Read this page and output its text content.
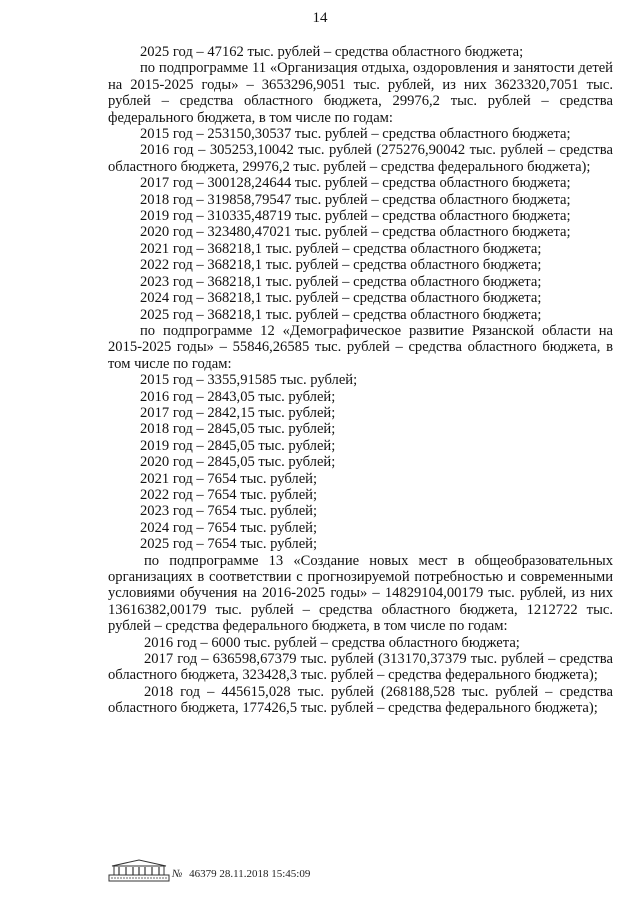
14

2025 год – 47162 тыс. рублей – средства областного бюджета;

по подпрограмме 11 «Организация отдыха, оздоровления и занятости детей на 2015-2025 годы» – 3653296,9051 тыс. рублей, из них 3623320,7051 тыс. рублей – средства областного бюджета, 29976,2 тыс. рублей – средства федерального бюджета, в том числе по годам:

2015 год – 253150,30537 тыс. рублей – средства областного бюджета;

2016 год – 305253,10042 тыс. рублей (275276,90042 тыс. рублей – средства областного бюджета, 29976,2 тыс. рублей – средства федерального бюджета);

2017 год – 300128,24644 тыс. рублей – средства областного бюджета;

2018 год – 319858,79547 тыс. рублей – средства областного бюджета;

2019 год – 310335,48719 тыс. рублей – средства областного бюджета;

2020 год – 323480,47021 тыс. рублей – средства областного бюджета;

2021 год – 368218,1 тыс. рублей – средства областного бюджета;

2022 год – 368218,1 тыс. рублей – средства областного бюджета;

2023 год – 368218,1 тыс. рублей – средства областного бюджета;

2024 год – 368218,1 тыс. рублей – средства областного бюджета;

2025 год – 368218,1 тыс. рублей – средства областного бюджета;

по подпрограмме 12 «Демографическое развитие Рязанской области на 2015-2025 годы» – 55846,26585 тыс. рублей – средства областного бюджета, в том числе по годам:

2015 год – 3355,91585 тыс. рублей;

2016 год – 2843,05 тыс. рублей;

2017 год – 2842,15 тыс. рублей;

2018 год – 2845,05 тыс. рублей;

2019 год – 2845,05 тыс. рублей;

2020 год – 2845,05 тыс. рублей;

2021 год – 7654 тыс. рублей;

2022 год – 7654 тыс. рублей;

2023 год – 7654 тыс. рублей;

2024 год – 7654 тыс. рублей;

2025 год – 7654 тыс. рублей;

по подпрограмме 13 «Создание новых мест в общеобразовательных организациях в соответствии с прогнозируемой потребностью и современными условиями обучения на 2016-2025 годы» – 14829104,00179 тыс. рублей, из них 13616382,00179 тыс. рублей – средства областного бюджета, 1212722 тыс. рублей – средства федерального бюджета, в том числе по годам:

2016 год – 6000 тыс. рублей – средства областного бюджета;

2017 год – 636598,67379 тыс. рублей (313170,37379 тыс. рублей – средства областного бюджета, 323428,3 тыс. рублей – средства федерального бюджета);

2018 год – 445615,028 тыс. рублей (268188,528 тыс. рублей – средства областного бюджета, 177426,5 тыс. рублей – средства федерального бюджета);

№ 46379 28.11.2018 15:45:09
